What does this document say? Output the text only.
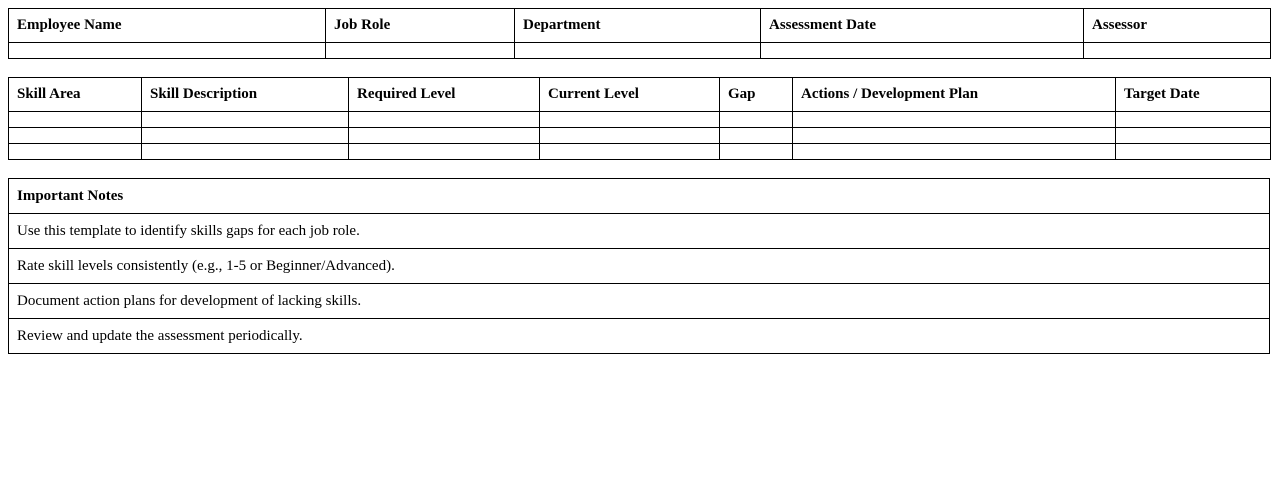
Employee Name	Job Role	Department	Assessment Date	Assessor

Skill Area	Skill Description	Required Level	Current Level	Gap	Actions / Development Plan	Target Date

Important Notes
Use this template to identify skills gaps for each job role.
Rate skill levels consistently (e.g., 1-5 or Beginner/Advanced).
Document action plans for development of lacking skills.
Review and update the assessment periodically.
